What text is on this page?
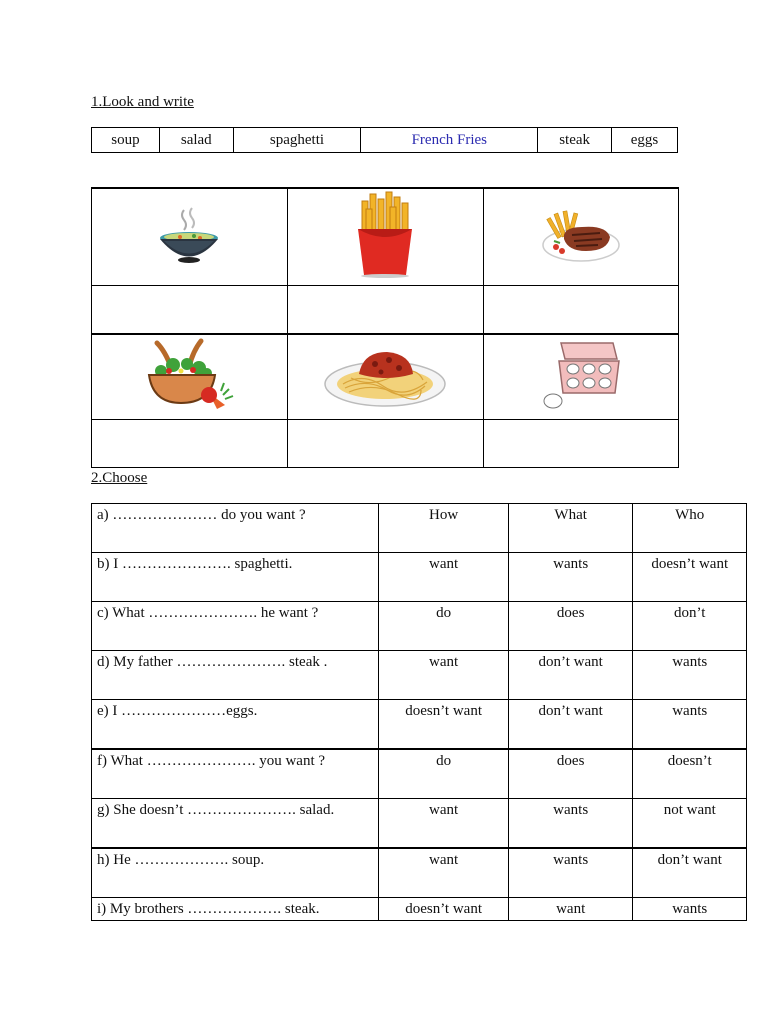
1.Look and write
soup	salad	spaghetti	French Fries	steak	eggs

2.Choose
a) ………………… do you want ?	How	What	Who
b) I …………………. spaghetti.	want	wants	doesn’t want
c) What …………………. he want ?	do	does	don’t
d) My father …………………. steak .	want	don’t want	wants
e) I …………………eggs.	doesn’t want	don’t want	wants
f) What …………………. you want ?	do	does	doesn’t
g) She doesn’t …………………. salad.	want	wants	not want
h) He ………………. soup.	want	wants	don’t want
i) My brothers ………………. steak.	doesn’t want	want	wants
